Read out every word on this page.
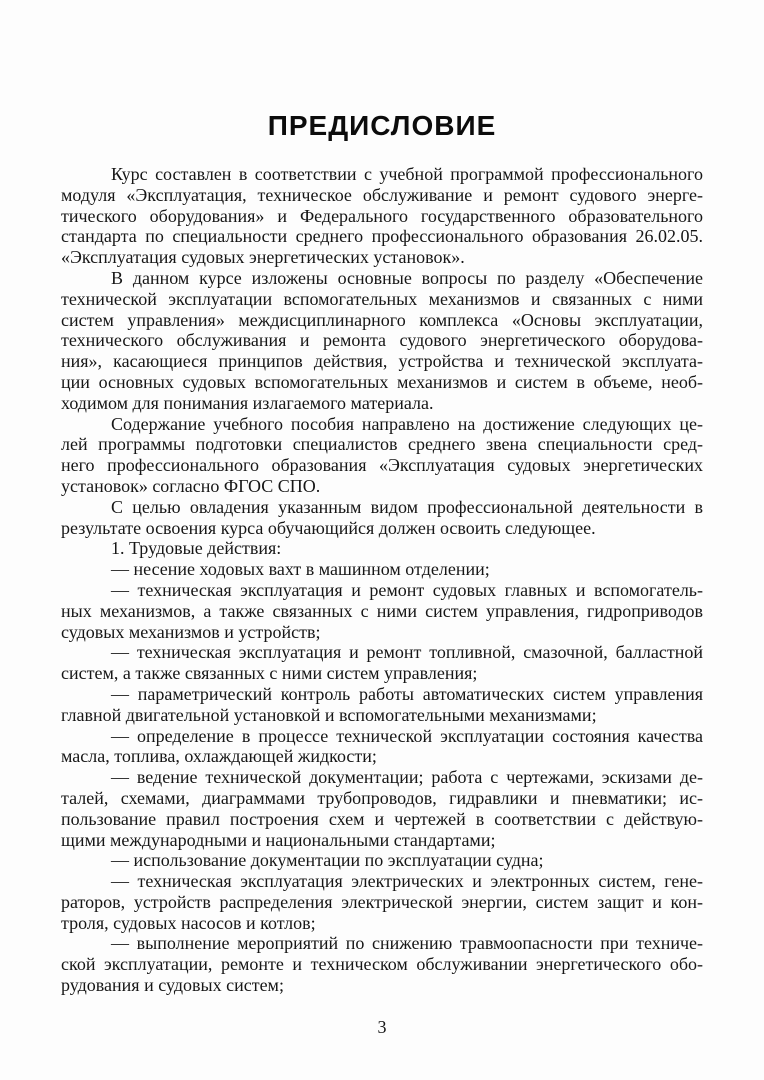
ПРЕДИСЛОВИЕ

Курс составлен в соответствии с учебной программой профессионального
модуля «Эксплуатация, техническое обслуживание и ремонт судового энерге-
тического оборудования» и Федерального государственного образовательного
стандарта по специальности среднего профессионального образования 26.02.05.
«Эксплуатация судовых энергетических установок».

В данном курсе изложены основные вопросы по разделу «Обеспечение
технической эксплуатации вспомогательных механизмов и связанных с ними
систем управления» междисциплинарного комплекса «Основы эксплуатации,
технического обслуживания и ремонта судового энергетического оборудова-
ния», касающиеся принципов действия, устройства и технической эксплуата-
ции основных судовых вспомогательных механизмов и систем в объеме, необ-
ходимом для понимания излагаемого материала.

Содержание учебного пособия направлено на достижение следующих це-
лей программы подготовки специалистов среднего звена специальности сред-
него профессионального образования «Эксплуатация судовых энергетических
установок» согласно ФГОС СПО.

С целью овладения указанным видом профессиональной деятельности в
результате освоения курса обучающийся должен освоить следующее.

1. Трудовые действия:

— несение ходовых вахт в машинном отделении;

— техническая эксплуатация и ремонт судовых главных и вспомогатель-
ных механизмов, а также связанных с ними систем управления, гидроприводов
судовых механизмов и устройств;

— техническая эксплуатация и ремонт топливной, смазочной, балластной
систем, а также связанных с ними систем управления;

— параметрический контроль работы автоматических систем управления
главной двигательной установкой и вспомогательными механизмами;

— определение в процессе технической эксплуатации состояния качества
масла, топлива, охлаждающей жидкости;

— ведение технической документации; работа с чертежами, эскизами де-
талей, схемами, диаграммами трубопроводов, гидравлики и пневматики; ис-
пользование правил построения схем и чертежей в соответствии с действую-
щими международными и национальными стандартами;

— использование документации по эксплуатации судна;

— техническая эксплуатация электрических и электронных систем, гене-
раторов, устройств распределения электрической энергии, систем защит и кон-
троля, судовых насосов и котлов;

— выполнение мероприятий по снижению травмоопасности при техниче-
ской эксплуатации, ремонте и техническом обслуживании энергетического обо-
рудования и судовых систем;

3
